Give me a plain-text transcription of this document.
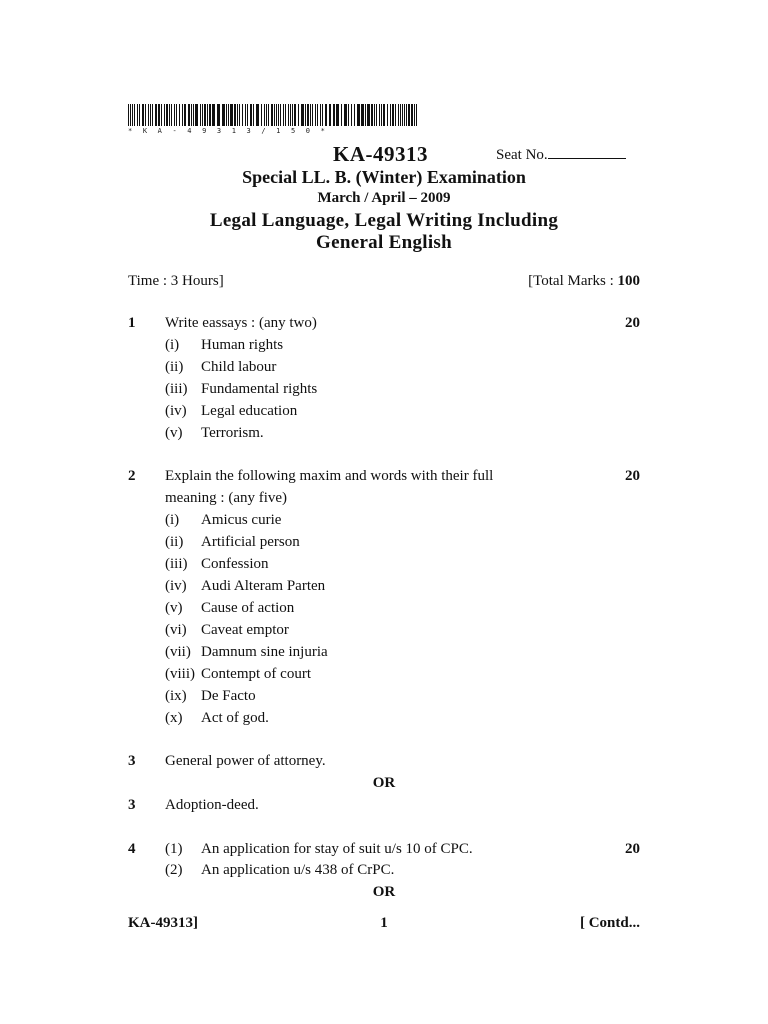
*KA-49313/150*
KA-49313	Seat No.
Special LL. B. (Winter) Examination
March / April – 2009
Legal Language, Legal Writing Including
General English
Time : 3 Hours]	[Total Marks : 100
1 Write eassays : (any two)	20
(i) Human rights
(ii) Child labour
(iii) Fundamental rights
(iv) Legal education
(v) Terrorism.
2 Explain the following maxim and words with their full	20
meaning : (any five)
(i) Amicus curie
(ii) Artificial person
(iii) Confession
(iv) Audi Alteram Parten
(v) Cause of action
(vi) Caveat emptor
(vii) Damnum sine injuria
(viii) Contempt of court
(ix) De Facto
(x) Act of god.
3 General power of attorney.
OR
3 Adoption-deed.
4	20
(1) An application for stay of suit u/s 10 of CPC.
(2) An application u/s 438 of CrPC.
OR
KA-49313]	1	[ Contd...
